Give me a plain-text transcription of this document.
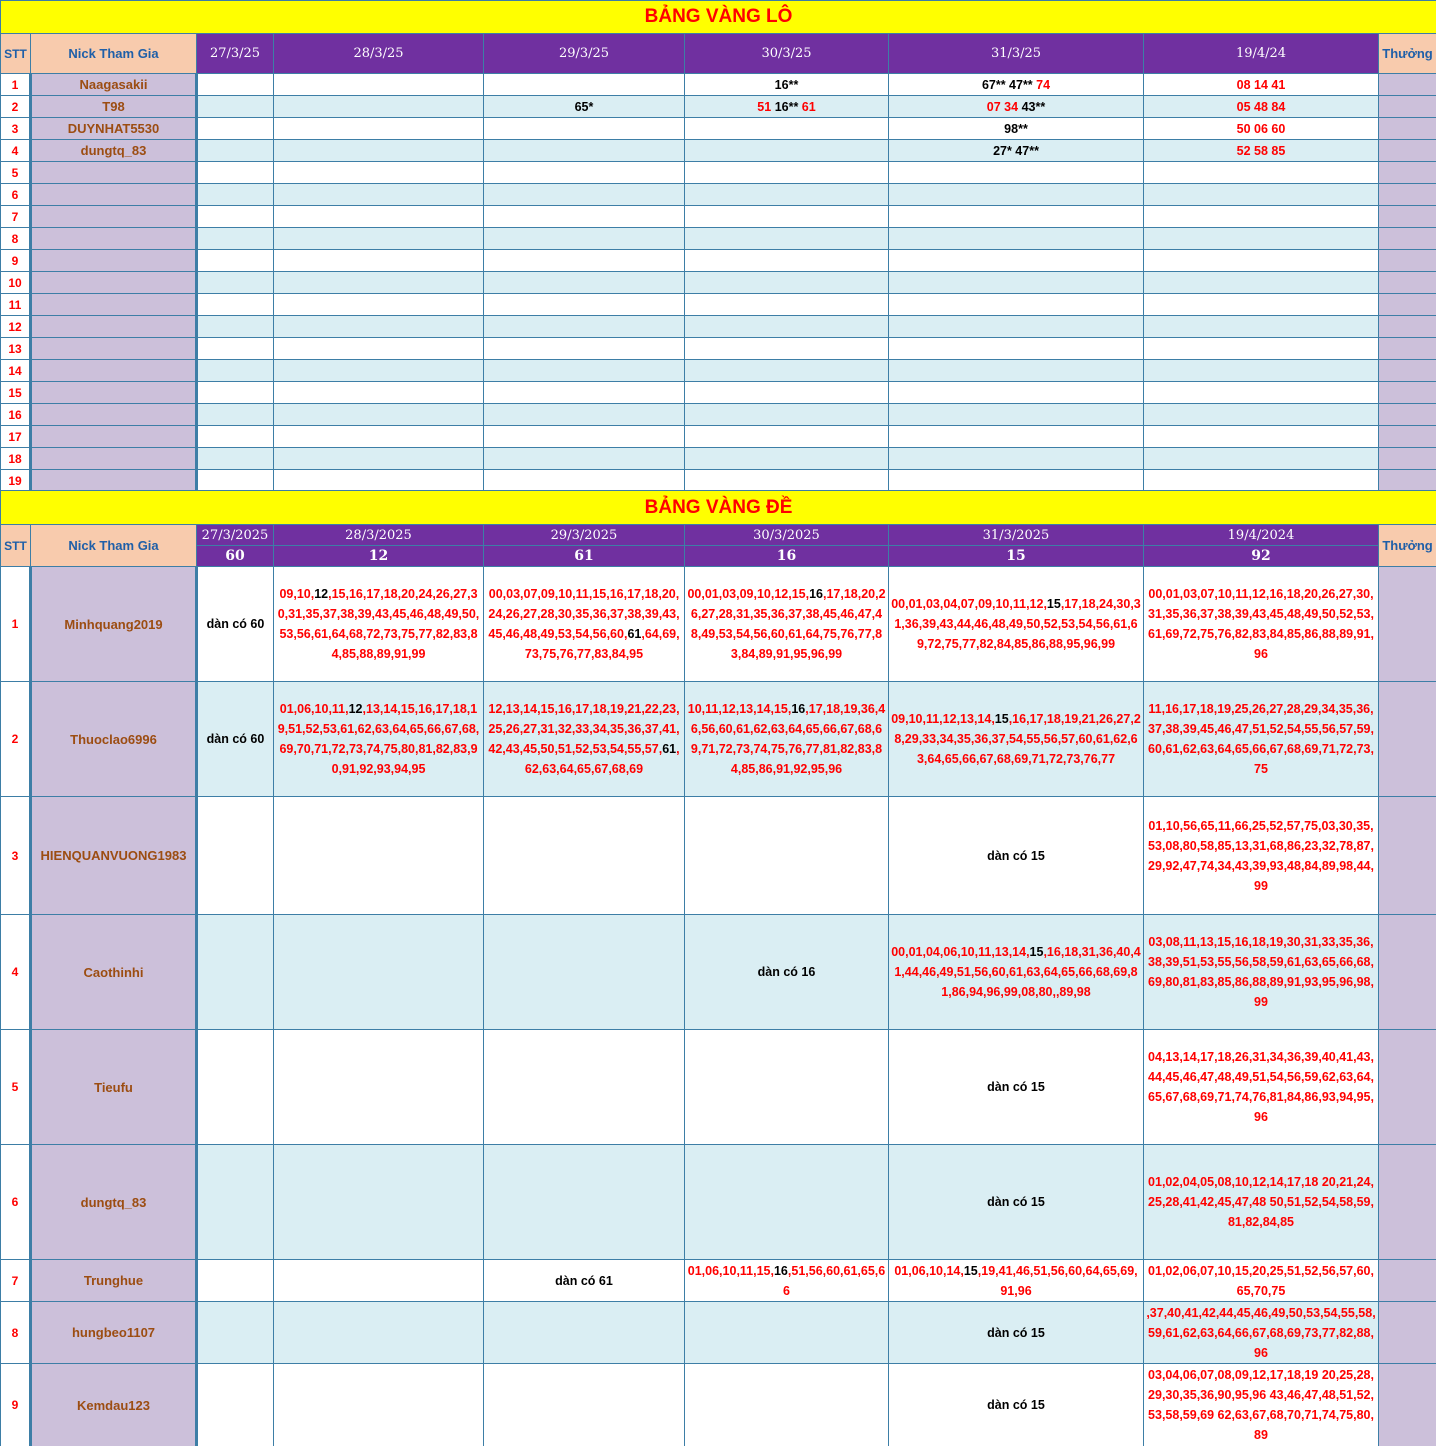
BẢNG VÀNG LÔ								
STT	Nick Tham Gia	27/3/25	28/3/25	29/3/25	30/3/25	31/3/25	19/4/24	Thưởng
1	Naagasakii				16**	67** 47** 74	08 14 41	
2	T98			65*	51 16** 61	07 34 43**	05 48 84	
3	DUYNHAT5530					98**	50 06 60	
4	dungtq_83					27* 47**	52 58 85	
5								
6								
7								
8								
9								
10								
11								
12								
13								
14								
15								
16								
17								
18								
19								
BẢNG VÀNG ĐỀ								
STT	Nick Tham Gia	27/3/2025	28/3/2025	29/3/2025	30/3/2025	31/3/2025	19/4/2024	Thưởng
		60	12	61	16	15	92	
1	Minhquang2019	dàn có 60	09,10,12,15,16,17,18,20,24,26,27,30,31,35,37,38,39,43,45,46,48,49,50,53,56,61,64,68,72,73,75,77,82,83,84,85,88,89,91,99	00,03,07,09,10,11,15,16,17,18,20,24,26,27,28,30,35,36,37,38,39,43,45,46,48,49,53,54,56,60,61,64,69,73,75,76,77,83,84,95	00,01,03,09,10,12,15,16,17,18,20,26,27,28,31,35,36,37,38,45,46,47,48,49,53,54,56,60,61,64,75,76,77,83,84,89,91,95,96,99	00,01,03,04,07,09,10,11,12,15,17,18,24,30,31,36,39,43,44,46,48,49,50,52,53,54,56,61,69,72,75,77,82,84,85,86,88,95,96,99	00,01,03,07,10,11,12,16,18,20,26,27,30,31,35,36,37,38,39,43,45,48,49,50,52,53,61,69,72,75,76,82,83,84,85,86,88,89,91,96	
2	Thuoclao6996	dàn có 60	01,06,10,11,12,13,14,15,16,17,18,19,51,52,53,61,62,63,64,65,66,67,68,69,70,71,72,73,74,75,80,81,82,83,90,91,92,93,94,95	12,13,14,15,16,17,18,19,21,22,23,25,26,27,31,32,33,34,35,36,37,41,42,43,45,50,51,52,53,54,55,57,61,62,63,64,65,67,68,69	10,11,12,13,14,15,16,17,18,19,36,46,56,60,61,62,63,64,65,66,67,68,69,71,72,73,74,75,76,77,81,82,83,84,85,86,91,92,95,96	09,10,11,12,13,14,15,16,17,18,19,21,26,27,28,29,33,34,35,36,37,54,55,56,57,60,61,62,63,64,65,66,67,68,69,71,72,73,76,77	11,16,17,18,19,25,26,27,28,29,34,35,36,37,38,39,45,46,47,51,52,54,55,56,57,59,60,61,62,63,64,65,66,67,68,69,71,72,73,75	
3	HIENQUANVUONG1983					dàn có 15	01,10,56,65,11,66,25,52,57,75,03,30,35,53,08,80,58,85,13,31,68,86,23,32,78,87,29,92,47,74,34,43,39,93,48,84,89,98,44,99	
4	Caothinhi				dàn có 16	00,01,04,06,10,11,13,14,15,16,18,31,36,40,41,44,46,49,51,56,60,61,63,64,65,66,68,69,81,86,94,96,99,08,80,,89,98	03,08,11,13,15,16,18,19,30,31,33,35,36,38,39,51,53,55,56,58,59,61,63,65,66,68,69,80,81,83,85,86,88,89,91,93,95,96,98,99	
5	Tieufu					dàn có 15	04,13,14,17,18,26,31,34,36,39,40,41,43,44,45,46,47,48,49,51,54,56,59,62,63,64,65,67,68,69,71,74,76,81,84,86,93,94,95,96	
6	dungtq_83					dàn có 15	01,02,04,05,08,10,12,14,17,18 20,21,24,25,28,41,42,45,47,48 50,51,52,54,58,59,81,82,84,85	
7	Trunghue			dàn có 61	01,06,10,11,15,16,51,56,60,61,65,66	01,06,10,14,15,19,41,46,51,56,60,64,65,69,91,96	01,02,06,07,10,15,20,25,51,52,56,57,60,65,70,75	
8	hungbeo1107					dàn có 15	,37,40,41,42,44,45,46,49,50,53,54,55,58,59,61,62,63,64,66,67,68,69,73,77,82,88,96	
9	Kemdau123					dàn có 15	03,04,06,07,08,09,12,17,18,19 20,25,28,29,30,35,36,90,95,96 43,46,47,48,51,52,53,58,59,69 62,63,67,68,70,71,74,75,80,89	
